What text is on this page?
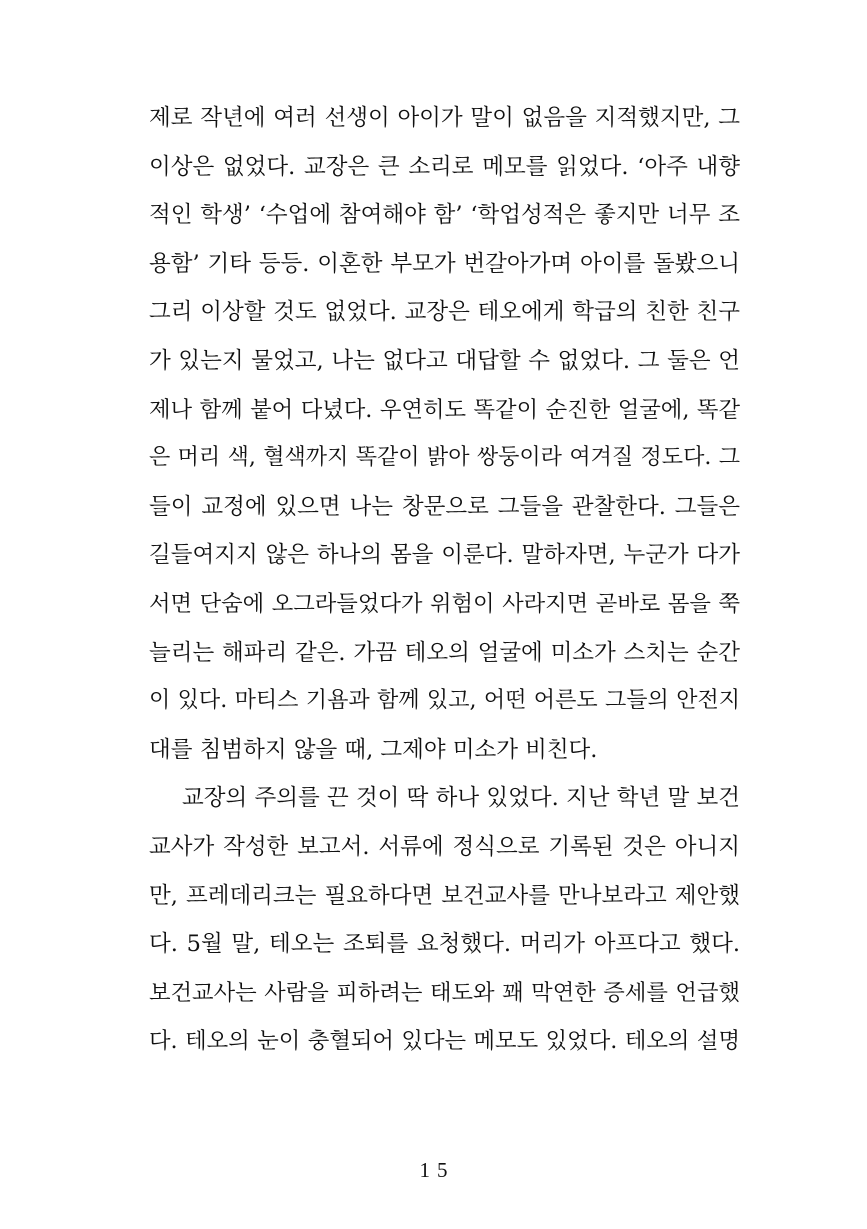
제로 작년에 여러 선생이 아이가 말이 없음을 지적했지만, 그
이상은 없었다. 교장은 큰 소리로 메모를 읽었다. ‘아주 내향
적인 학생’ ‘수업에 참여해야 함’ ‘학업성적은 좋지만 너무 조
용함’ 기타 등등. 이혼한 부모가 번갈아가며 아이를 돌봤으니
그리 이상할 것도 없었다. 교장은 테오에게 학급의 친한 친구
가 있는지 물었고, 나는 없다고 대답할 수 없었다. 그 둘은 언
제나 함께 붙어 다녔다. 우연히도 똑같이 순진한 얼굴에, 똑같
은 머리 색, 혈색까지 똑같이 밝아 쌍둥이라 여겨질 정도다. 그
들이 교정에 있으면 나는 창문으로 그들을 관찰한다. 그들은
길들여지지 않은 하나의 몸을 이룬다. 말하자면, 누군가 다가
서면 단숨에 오그라들었다가 위험이 사라지면 곧바로 몸을 쭉
늘리는 해파리 같은. 가끔 테오의 얼굴에 미소가 스치는 순간
이 있다. 마티스 기욤과 함께 있고, 어떤 어른도 그들의 안전지
대를 침범하지 않을 때, 그제야 미소가 비친다.
교장의 주의를 끈 것이 딱 하나 있었다. 지난 학년 말 보건
교사가 작성한 보고서. 서류에 정식으로 기록된 것은 아니지
만, 프레데리크는 필요하다면 보건교사를 만나보라고 제안했
다. 5월 말, 테오는 조퇴를 요청했다. 머리가 아프다고 했다.
보건교사는 사람을 피하려는 태도와 꽤 막연한 증세를 언급했
다. 테오의 눈이 충혈되어 있다는 메모도 있었다. 테오의 설명
15
